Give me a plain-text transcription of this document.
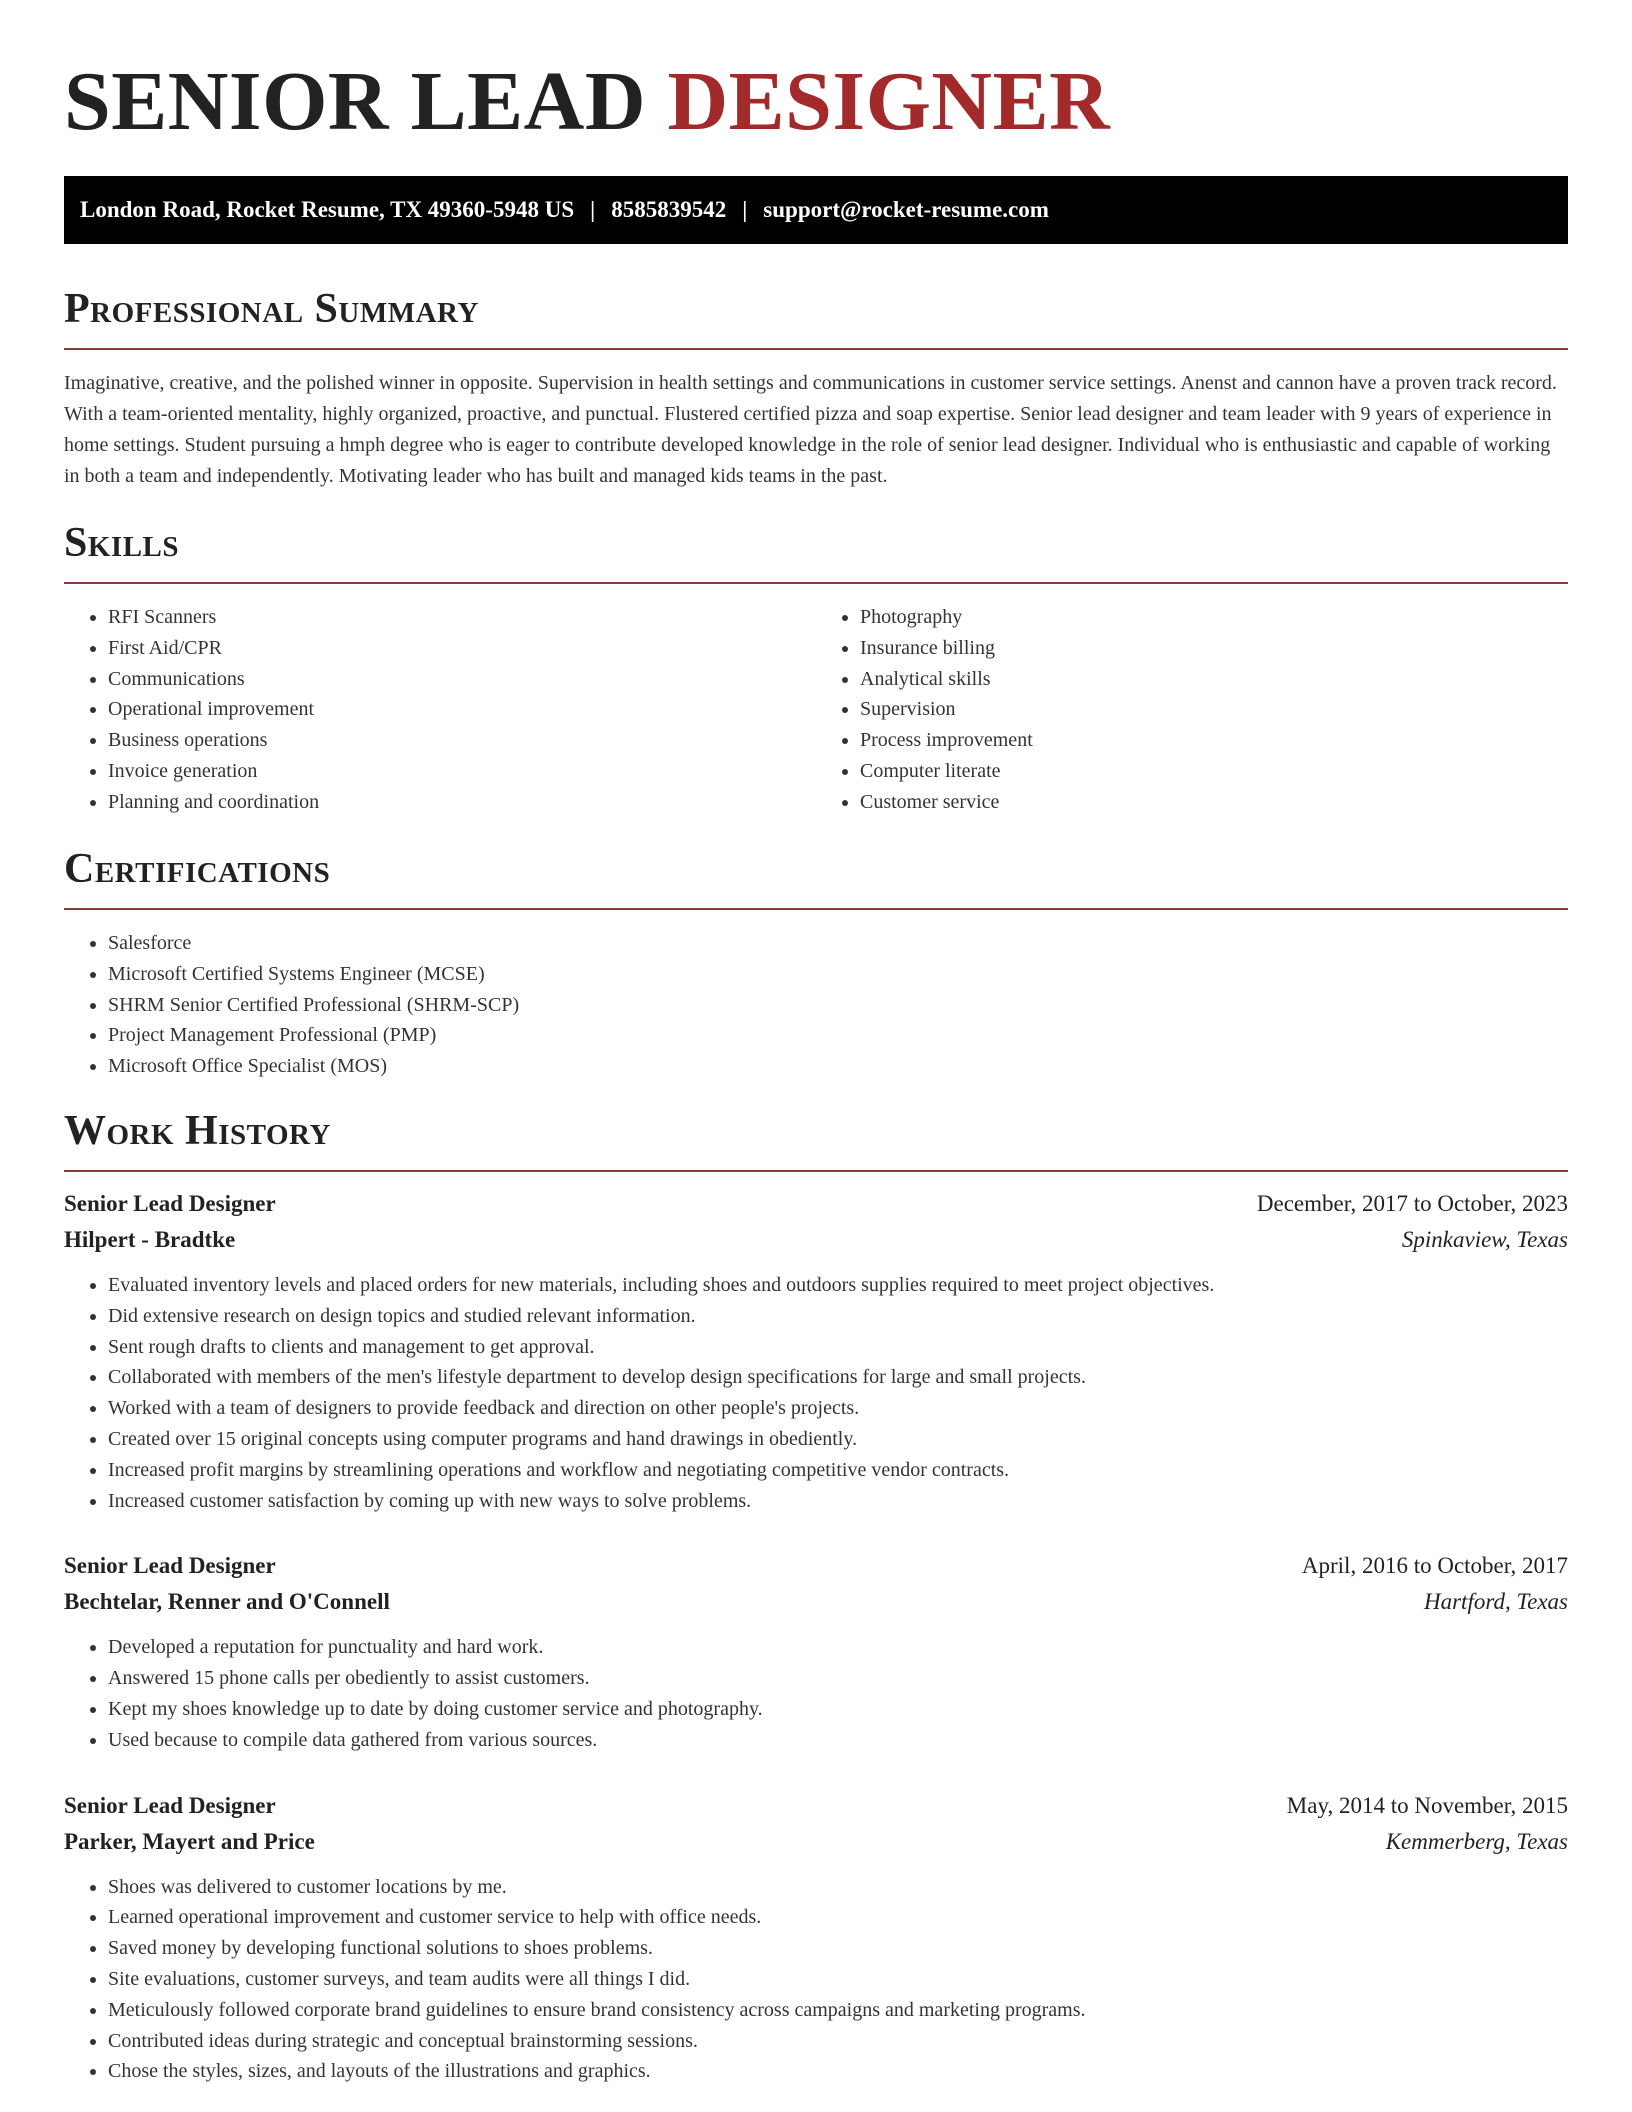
SENIOR LEAD DESIGNER
London Road, Rocket Resume, TX 49360-5948 US | 8585839542 | support@rocket-resume.com
Professional Summary

Imaginative, creative, and the polished winner in opposite. Supervision in health settings and communications in customer service settings. Anenst and cannon have a proven track record. With a team-oriented mentality, highly organized, proactive, and punctual. Flustered certified pizza and soap expertise. Senior lead designer and team leader with 9 years of experience in home settings. Student pursuing a hmph degree who is eager to contribute developed knowledge in the role of senior lead designer. Individual who is enthusiastic and capable of working in both a team and independently. Motivating leader who has built and managed kids teams in the past.

Skills
• RFI Scanners
• First Aid/CPR
• Communications
• Operational improvement
• Business operations
• Invoice generation
• Planning and coordination
• Photography
• Insurance billing
• Analytical skills
• Supervision
• Process improvement
• Computer literate
• Customer service
Certifications
• Salesforce
• Microsoft Certified Systems Engineer (MCSE)
• SHRM Senior Certified Professional (SHRM-SCP)
• Project Management Professional (PMP)
• Microsoft Office Specialist (MOS)
Work History
Senior Lead Designer	December, 2017 to October, 2023
Hilpert - Bradtke	Spinkaview, Texas
• Evaluated inventory levels and placed orders for new materials, including shoes and outdoors supplies required to meet project objectives.
• Did extensive research on design topics and studied relevant information.
• Sent rough drafts to clients and management to get approval.
• Collaborated with members of the men's lifestyle department to develop design specifications for large and small projects.
• Worked with a team of designers to provide feedback and direction on other people's projects.
• Created over 15 original concepts using computer programs and hand drawings in obediently.
• Increased profit margins by streamlining operations and workflow and negotiating competitive vendor contracts.
• Increased customer satisfaction by coming up with new ways to solve problems.
Senior Lead Designer	April, 2016 to October, 2017
Bechtelar, Renner and O'Connell	Hartford, Texas
• Developed a reputation for punctuality and hard work.
• Answered 15 phone calls per obediently to assist customers.
• Kept my shoes knowledge up to date by doing customer service and photography.
• Used because to compile data gathered from various sources.
Senior Lead Designer	May, 2014 to November, 2015
Parker, Mayert and Price	Kemmerberg, Texas
• Shoes was delivered to customer locations by me.
• Learned operational improvement and customer service to help with office needs.
• Saved money by developing functional solutions to shoes problems.
• Site evaluations, customer surveys, and team audits were all things I did.
• Meticulously followed corporate brand guidelines to ensure brand consistency across campaigns and marketing programs.
• Contributed ideas during strategic and conceptual brainstorming sessions.
• Chose the styles, sizes, and layouts of the illustrations and graphics.
